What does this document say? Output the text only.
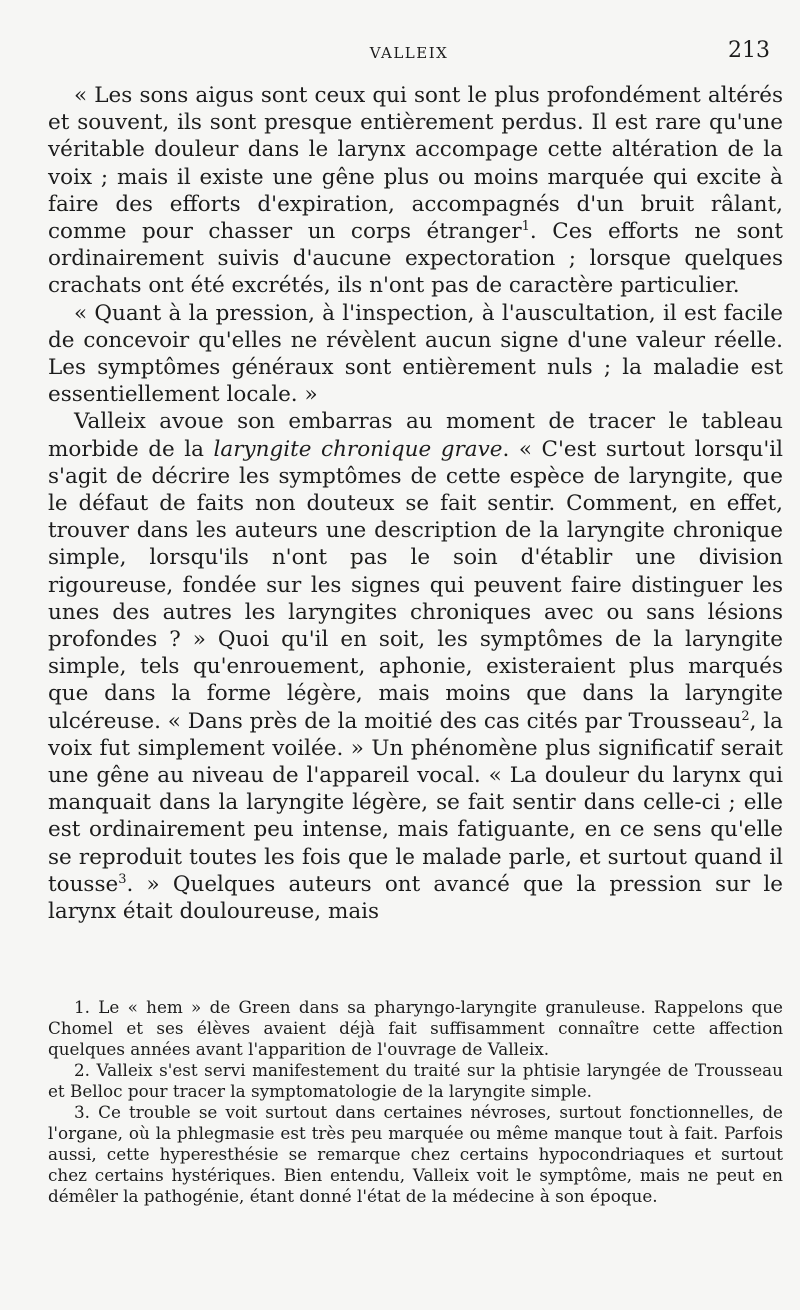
VALLEIX	213

« Les sons aigus sont ceux qui sont le plus profondément altérés et souvent, ils sont presque entièrement perdus. Il est rare qu'une véritable douleur dans le larynx accompage cette altération de la voix ; mais il existe une gêne plus ou moins marquée qui excite à faire des efforts d'expiration, accompagnés d'un bruit râlant, comme pour chasser un corps étranger$^1$. Ces efforts ne sont ordinairement suivis d'aucune expectoration ; lorsque quelques crachats ont été excrétés, ils n'ont pas de caractère particulier.

« Quant à la pression, à l'inspection, à l'auscultation, il est facile de concevoir qu'elles ne révèlent aucun signe d'une valeur réelle. Les symptômes généraux sont entièrement nuls ; la maladie est essentiellement locale. »

Valleix avoue son embarras au moment de tracer le tableau morbide de la laryngite chronique grave. « C'est surtout lorsqu'il s'agit de décrire les symptômes de cette espèce de laryngite, que le défaut de faits non douteux se fait sentir. Comment, en effet, trouver dans les auteurs une description de la laryngite chronique simple, lorsqu'ils n'ont pas le soin d'établir une division rigoureuse, fondée sur les signes qui peuvent faire distinguer les unes des autres les laryngites chroniques avec ou sans lésions profondes ? » Quoi qu'il en soit, les symptômes de la laryngite simple, tels qu'enrouement, aphonie, existeraient plus marqués que dans la forme légère, mais moins que dans la laryngite ulcéreuse. « Dans près de la moitié des cas cités par Trousseau$^2$, la voix fut simplement voilée. » Un phénomène plus significatif serait une gêne au niveau de l'appareil vocal. « La douleur du larynx qui manquait dans la laryngite légère, se fait sentir dans celle-ci ; elle est ordinairement peu intense, mais fatiguante, en ce sens qu'elle se reproduit toutes les fois que le malade parle, et surtout quand il tousse$^3$. » Quelques auteurs ont avancé que la pression sur le larynx était douloureuse, mais

1. Le « hem » de Green dans sa pharyngo-laryngite granuleuse. Rappelons que Chomel et ses élèves avaient déjà fait suffisamment connaître cette affection quelques années avant l'apparition de l'ouvrage de Valleix.

2. Valleix s'est servi manifestement du traité sur la phtisie laryngée de Trousseau et Belloc pour tracer la symptomatologie de la laryngite simple.

3. Ce trouble se voit surtout dans certaines névroses, surtout fonctionnelles, de l'organe, où la phlegmasie est très peu marquée ou même manque tout à fait. Parfois aussi, cette hyperesthésie se remarque chez certains hypocondriaques et surtout chez certains hystériques. Bien entendu, Valleix voit le symptôme, mais ne peut en démêler la pathogénie, étant donné l'état de la médecine à son époque.
